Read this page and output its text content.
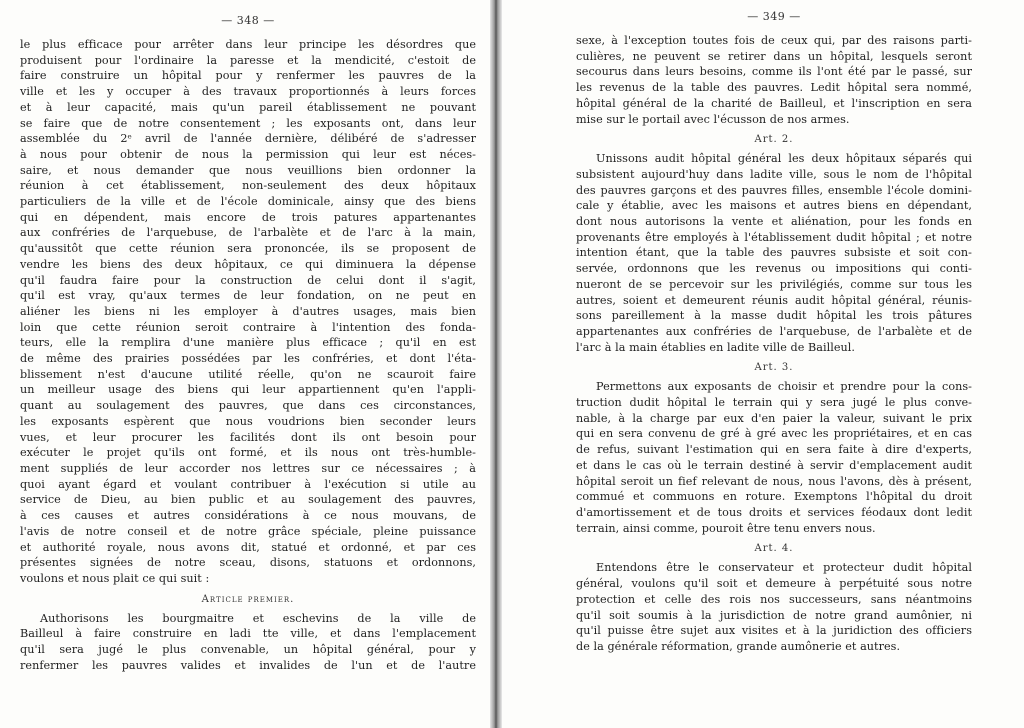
— 348 —
le plus efficace pour arrêter dans leur principe les désordres que
produisent pour l'ordinaire la paresse et la mendicité, c'estoit de
faire construire un hôpital pour y renfermer les pauvres de la
ville et les y occuper à des travaux proportionnés à leurs forces
et à leur capacité, mais qu'un pareil établissement ne pouvant
se faire que de notre consentement ; les exposants ont, dans leur
assemblée du 2ᵉ avril de l'année dernière, délibéré de s'adresser
à nous pour obtenir de nous la permission qui leur est néces-
saire, et nous demander que nous veuillions bien ordonner la
réunion à cet établissement, non-seulement des deux hôpitaux
particuliers de la ville et de l'école dominicale, ainsy que des biens
qui en dépendent, mais encore de trois patures appartenantes
aux confréries de l'arquebuse, de l'arbalète et de l'arc à la main,
qu'aussitôt que cette réunion sera prononcée, ils se proposent de
vendre les biens des deux hôpitaux, ce qui diminuera la dépense
qu'il faudra faire pour la construction de celui dont il s'agit,
qu'il est vray, qu'aux termes de leur fondation, on ne peut en
aliéner les biens ni les employer à d'autres usages, mais bien
loin que cette réunion seroit contraire à l'intention des fonda-
teurs, elle la remplira d'une manière plus efficace ; qu'il en est
de même des prairies possédées par les confréries, et dont l'éta-
blissement n'est d'aucune utilité réelle, qu'on ne scauroit faire
un meilleur usage des biens qui leur appartiennent qu'en l'appli-
quant au soulagement des pauvres, que dans ces circonstances,
les exposants espèrent que nous voudrions bien seconder leurs
vues, et leur procurer les facilités dont ils ont besoin pour
exécuter le projet qu'ils ont formé, et ils nous ont très-humble-
ment suppliés de leur accorder nos lettres sur ce nécessaires ; à
quoi ayant égard et voulant contribuer à l'exécution si utile au
service de Dieu, au bien public et au soulagement des pauvres,
à ces causes et autres considérations à ce nous mouvans, de
l'avis de notre conseil et de notre grâce spéciale, pleine puissance
et authorité royale, nous avons dit, statué et ordonné, et par ces
présentes signées de notre sceau, disons, statuons et ordonnons,
voulons et nous plait ce qui suit :
Article premier.
Authorisons les bourgmaitre et eschevins de la ville de
Bailleul à faire construire en ladi tte ville, et dans l'emplacement
qu'il sera jugé le plus convenable, un hôpital général, pour y
renfermer les pauvres valides et invalides de l'un et de l'autre
— 349 —
sexe, à l'exception toutes fois de ceux qui, par des raisons parti-
culières, ne peuvent se retirer dans un hôpital, lesquels seront
secourus dans leurs besoins, comme ils l'ont été par le passé, sur
les revenus de la table des pauvres. Ledit hôpital sera nommé,
hôpital général de la charité de Bailleul, et l'inscription en sera
mise sur le portail avec l'écusson de nos armes.
Art. 2.
Unissons audit hôpital général les deux hôpitaux séparés qui
subsistent aujourd'huy dans ladite ville, sous le nom de l'hôpital
des pauvres garçons et des pauvres filles, ensemble l'école domini-
cale y établie, avec les maisons et autres biens en dépendant,
dont nous autorisons la vente et aliénation, pour les fonds en
provenants être employés à l'établissement dudit hôpital ; et notre
intention étant, que la table des pauvres subsiste et soit con-
servée, ordonnons que les revenus ou impositions qui conti-
nueront de se percevoir sur les privilégiés, comme sur tous les
autres, soient et demeurent réunis audit hôpital général, réunis-
sons pareillement à la masse dudit hôpital les trois pâtures
appartenantes aux confréries de l'arquebuse, de l'arbalète et de
l'arc à la main établies en ladite ville de Bailleul.
Art. 3.
Permettons aux exposants de choisir et prendre pour la cons-
truction dudit hôpital le terrain qui y sera jugé le plus conve-
nable, à la charge par eux d'en paier la valeur, suivant le prix
qui en sera convenu de gré à gré avec les propriétaires, et en cas
de refus, suivant l'estimation qui en sera faite à dire d'experts,
et dans le cas où le terrain destiné à servir d'emplacement audit
hôpital seroit un fief relevant de nous, nous l'avons, dès à présent,
commué et commuons en roture. Exemptons l'hôpital du droit
d'amortissement et de tous droits et services féodaux dont ledit
terrain, ainsi comme, pouroit être tenu envers nous.
Art. 4.
Entendons être le conservateur et protecteur dudit hôpital
général, voulons qu'il soit et demeure à perpétuité sous notre
protection et celle des rois nos successeurs, sans néantmoins
qu'il soit soumis à la jurisdiction de notre grand aumônier, ni
qu'il puisse être sujet aux visites et à la juridiction des officiers
de la générale réformation, grande aumônerie et autres.
